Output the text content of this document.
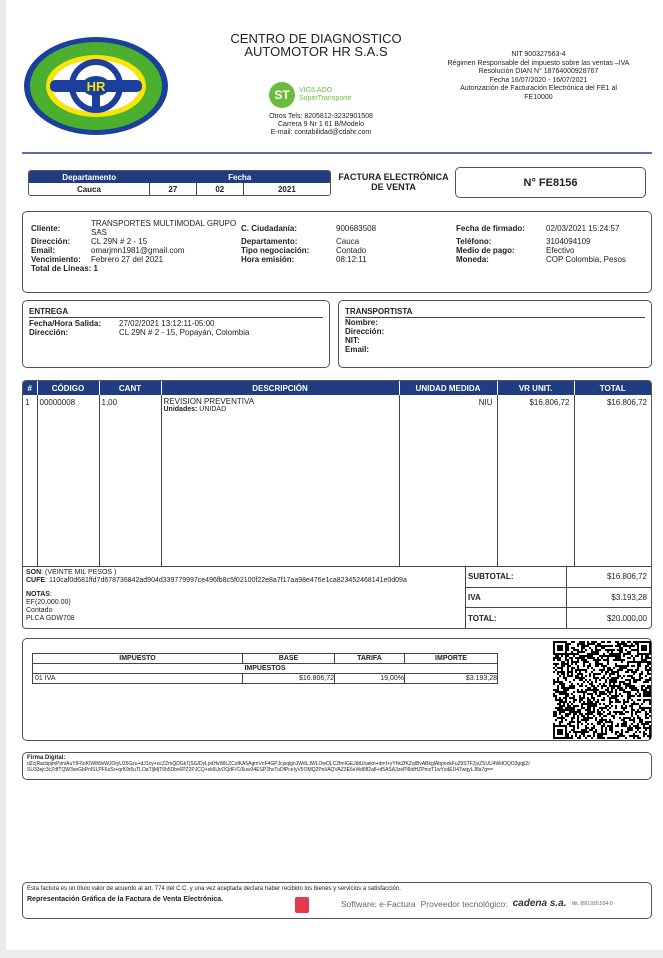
HR
CENTRO DE DIAGNOSTICO
AUTOMOTOR HR S.A.S
ST	VIGILADO
SuperTransporte
Otros Tels: 8205812-3232901508
Carrera 9 Nr 1 61 B/Modelo
E-mail: contabilidad@cdahr.com
NIT 900327563-4
Régimen Responsable del impuesto sobre las ventas –IVA
Resolución DIAN N° 18764000928767
Fecha 16/07/2020 - 16/07/2021
Autorización de Facturación Electrónica del FE1 al
FE10000
Departamento	Fecha		
Cauca	27	02	2021
FACTURA ELECTRÓNICA
DE VENTA	N° FE8156
Cliente:	TRANSPORTES MULTIMODAL GRUPO SAS	C. Ciudadanía:	900683508	Fecha de firmado:	02/03/2021 15:24:57
Dirección:	CL 29N # 2 - 15	Departamento:	Cauca	Teléfono:	3104094109
Email:	omarjmn1981@gmail.com	Tipo negociación:	Contado	Medio de pago:	Efectivo
Vencimiento:	Febrero 27 del 2021	Hora emisión:	08:12:11	Moneda:	COP Colombia, Pesos
Total de Lineas: 1					
ENTREGA
Fecha/Hora Salida:	27/02/2021 13:12:11-05:00
Dirección:	CL 29N # 2 - 15, Popayán, Colombia
TRANSPORTISTA
Nombre:
Dirección:
NIT:
Email:
#	CÓDIGO	CANT	DESCRIPCIÓN	UNIDAD MEDIDA	VR UNIT.	TOTAL
1	00000008	1,00	REVISION PREVENTIVA
Unidades: UNIDAD	NIU	$16.806,72	$16.806,72
SON: (VEINTE MIL PESOS )
CUFE: 110caf0d681ffd7d678736842ad904d339779997ce496fb8c5f02100f22e8a7f17aa98e476e1ca823452468141e0d09a
NOTAS:
EF(20,000.00)
Contado
PLCA GDW708
SUBTOTAL:	$16.806,72
IVA	$3.193,28
TOTAL:	$20.000,00
IMPUESTO	BASE	TARIFA	IMPORTE
IMPUESTOS			
01 IVA	$16.806,72	19,00%	$3.193,28
Firma Digital:
dZcjRacbpjmPjm/AuYIF6nKIW8i9vWJOtyU26Gzu+dJ1oy+ucZZmQDGkTjSG/DyLpdHvWlLZCsfKA5AgmVnF4GPJcjxqlgnJWdLJWLOwOLC2fmIGEJdtU/uekn+dmI+yYhkZfKZqIBvABkglAbpnokFu29STF2jvZSUU4WdOQO3gqjI2/
SU33ejc3cZdfTQW3seGbPnISLPF6uSr+qrK9r5uTLOaTljMjT6h5Dbv6PZ2PJCQ+sk6UvOQdF/C/6uw34ESP2hvTuDfPceIyV5OMQ2PnI/AQVAZ3E6eWd8lf2a8+d5ASA3zePl6tdHZPmzT1wYxdEU47wqyLJ8a7g==
Esta factura es un título valor de acuerdo al art. 774 del C.C. y una vez aceptada declara haber recibido los bienes y servicios a satisfacción.
Representación Gráfica de la Factura de Venta Electrónica.	Software: e-Factura Proveedor tecnológico: cadena s.a. Nit. 890.930.534-0
